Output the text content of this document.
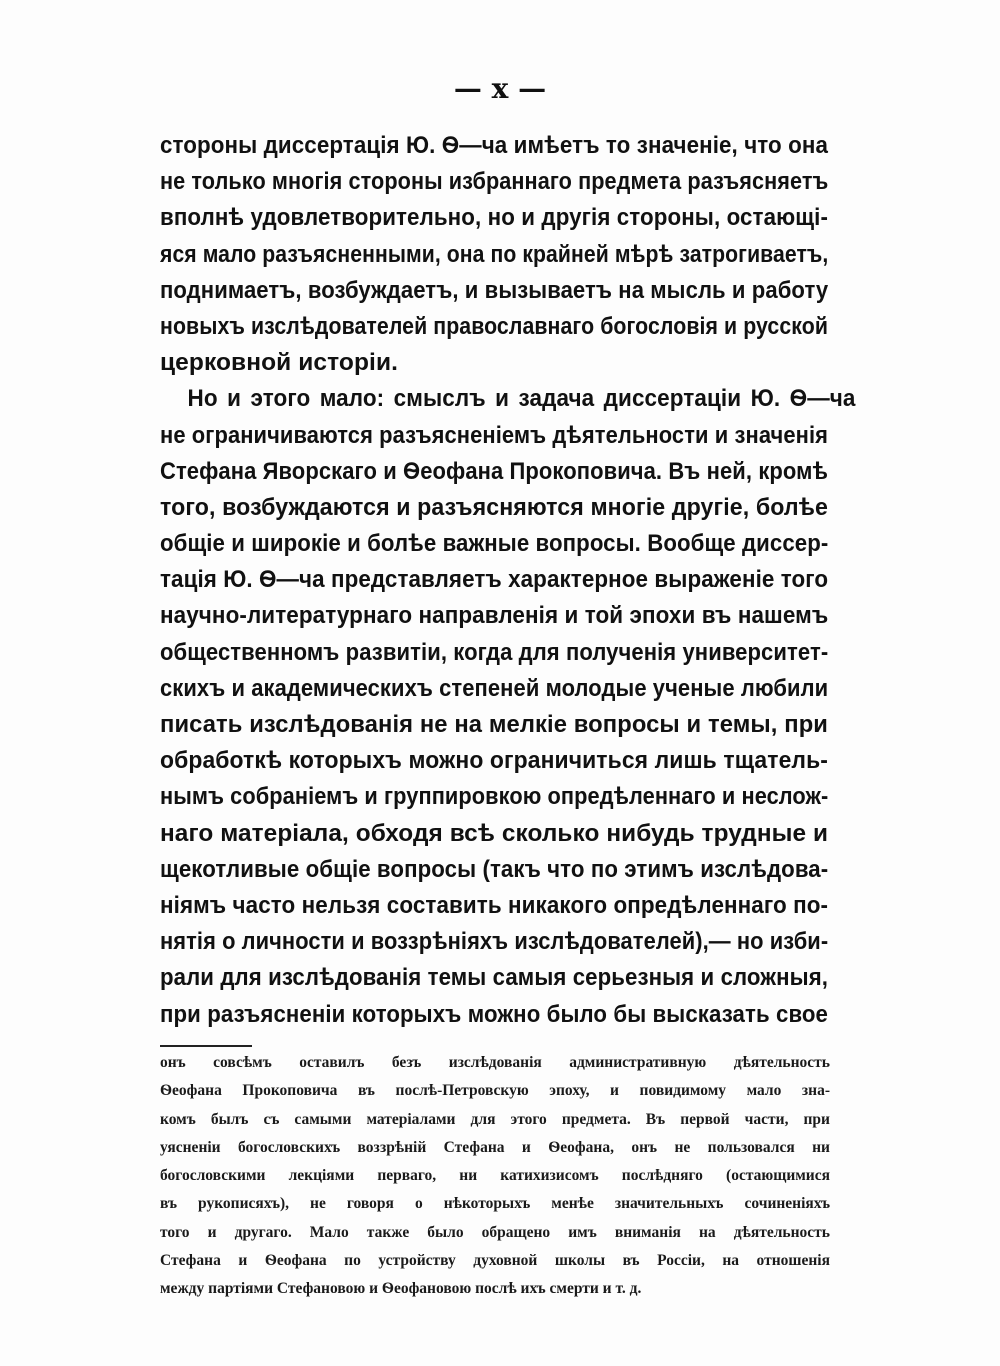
— x —
стороны диссертація Ю. Ѳ—ча имѣетъ то значеніе, что она
не только многія стороны избраннаго предмета разъясняетъ
вполнѣ удовлетворительно, но и другія стороны, остающі-
яся мало разъясненными, она по крайней мѣрѣ затрогиваетъ,
поднимаетъ, возбуждаетъ, и вызываетъ на мысль и работу
новыхъ изслѣдователей православнаго богословія и русской
церковной исторіи.
Но и этого мало: смыслъ и задача диссертаціи Ю. Ѳ—ча
не ограничиваются разъясненіемъ дѣятельности и значенія
Стефана Яворскаго и Ѳеофана Прокоповича. Въ ней, кромѣ
того, возбуждаются и разъясняются многіе другіе, болѣе
общіе и широкіе и болѣе важные вопросы. Вообще диссер-
тація Ю. Ѳ—ча представляетъ характерное выраженіе того
научно-литературнаго направленія и той эпохи въ нашемъ
общественномъ развитіи, когда для полученія университет-
скихъ и академическихъ степеней молодые ученые любили
писать изслѣдованія не на мелкіе вопросы и темы, при
обработкѣ которыхъ можно ограничиться лишь тщатель-
нымъ собраніемъ и группировкою опредѣленнаго и неслож-
наго матеріала, обходя всѣ сколько нибудь трудные и
щекотливые общіе вопросы (такъ что по этимъ изслѣдова-
ніямъ часто нельзя составить никакого опредѣленнаго по-
нятія о личности и воззрѣніяхъ изслѣдователей),— но изби-
рали для изслѣдованія темы самыя серьезныя и сложныя,
при разъясненіи которыхъ можно было бы высказать свое
онъ совсѣмъ оставилъ безъ изслѣдованія административную дѣятельность
Ѳеофана Прокоповича въ послѣ-Петровскую эпоху, и повидимому мало зна-
комъ былъ съ самыми матеріалами для этого предмета. Въ первой части, при
уясненіи богословскихъ воззрѣній Стефана и Ѳеофана, онъ не пользовался ни
богословскими лекціями перваго, ни катихизисомъ послѣдняго (остающимися
въ рукописяхъ), не говоря о нѣкоторыхъ менѣе значительныхъ сочиненіяхъ
того и другаго. Мало также было обращено имъ вниманія на дѣятельность
Стефана и Ѳеофана по устройству духовной школы въ Россіи, на отношенія
между партіями Стефановою и Ѳеофановою послѣ ихъ смерти и т. д.
